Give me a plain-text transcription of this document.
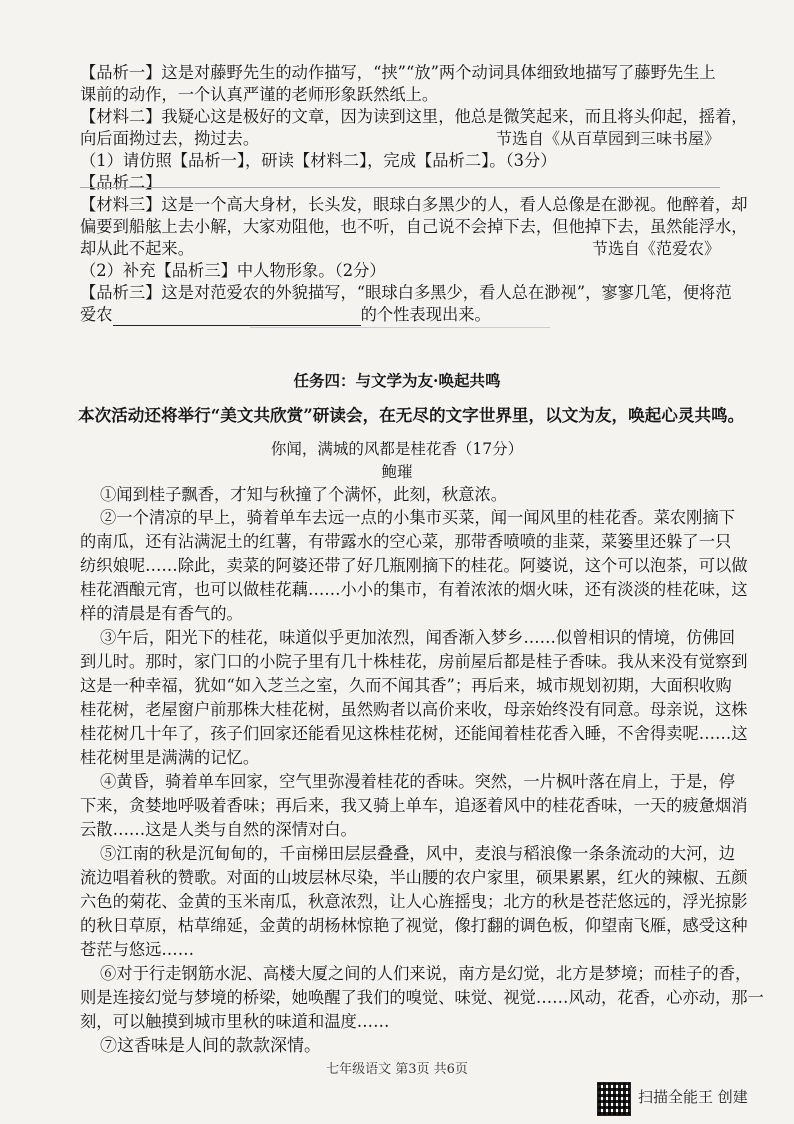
【品析一】这是对藤野先生的动作描写，“挟”“放”两个动词具体细致地描写了藤野先生上
课前的动作，一个认真严谨的老师形象跃然纸上。
【材料二】我疑心这是极好的文章，因为读到这里，他总是微笑起来，而且将头仰起，摇着，
向后面拗过去，拗过去。	节选自《从百草园到三味书屋》
（1）请仿照【品析一】，研读【材料二】，完成【品析二】。（3分）
【品析二】
【材料三】这是一个高大身材，长头发，眼球白多黑少的人，看人总像是在渺视。他醉着，却
偏要到船舷上去小解，大家劝阻他，也不听，自己说不会掉下去，但他掉下去，虽然能浮水，
却从此不起来。	节选自《范爱农》
（2）补充【品析三】中人物形象。（2分）
【品析三】这是对范爱农的外貌描写，“眼球白多黑少，看人总在渺视”，寥寥几笔，便将范
爱农	的个性表现出来。
任务四：与文学为友·唤起共鸣
本次活动还将举行“美文共欣赏”研读会，在无尽的文字世界里，以文为友，唤起心灵共鸣。
你闻，满城的风都是桂花香（17分）
鲍璀
①闻到桂子飘香，才知与秋撞了个满怀，此刻，秋意浓。
②一个清凉的早上，骑着单车去远一点的小集市买菜，闻一闻风里的桂花香。菜农刚摘下
的南瓜，还有沾满泥土的红薯，有带露水的空心菜，那带香喷喷的韭菜，菜篓里还躲了一只
纺织娘呢……除此，卖菜的阿婆还带了好几瓶刚摘下的桂花。阿婆说，这个可以泡茶，可以做
桂花酒酿元宵，也可以做桂花藕……小小的集市，有着浓浓的烟火味，还有淡淡的桂花味，这
样的清晨是有香气的。
③午后，阳光下的桂花，味道似乎更加浓烈，闻香渐入梦乡……似曾相识的情境，仿佛回
到儿时。那时，家门口的小院子里有几十株桂花，房前屋后都是桂子香味。我从来没有觉察到
这是一种幸福，犹如“如入芝兰之室，久而不闻其香”；再后来，城市规划初期，大面积收购
桂花树，老屋窗户前那株大桂花树，虽然购者以高价来收，母亲始终没有同意。母亲说，这株
桂花树几十年了，孩子们回家还能看见这株桂花树，还能闻着桂花香入睡，不舍得卖呢……这
桂花树里是满满的记忆。
④黄昏，骑着单车回家，空气里弥漫着桂花的香味。突然，一片枫叶落在肩上，于是，停
下来，贪婪地呼吸着香味；再后来，我又骑上单车，追逐着风中的桂花香味，一天的疲惫烟消
云散……这是人类与自然的深情对白。
⑤江南的秋是沉甸甸的，千亩梯田层层叠叠，风中，麦浪与稻浪像一条条流动的大河，边
流边唱着秋的赞歌。对面的山坡层林尽染，半山腰的农户家里，硕果累累，红火的辣椒、五颜
六色的菊花、金黄的玉米南瓜，秋意浓烈，让人心旌摇曳；北方的秋是苍茫悠远的，浮光掠影
的秋日草原，枯草绵延，金黄的胡杨林惊艳了视觉，像打翻的调色板，仰望南飞雁，感受这种
苍茫与悠远……
⑥对于行走钢筋水泥、高楼大厦之间的人们来说，南方是幻觉，北方是梦境；而桂子的香，
则是连接幻觉与梦境的桥梁，她唤醒了我们的嗅觉、味觉、视觉……风动，花香，心亦动，那一
刻，可以触摸到城市里秋的味道和温度……
⑦这香味是人间的款款深情。
七年级语文 第3页 共6页
扫描全能王 创建
